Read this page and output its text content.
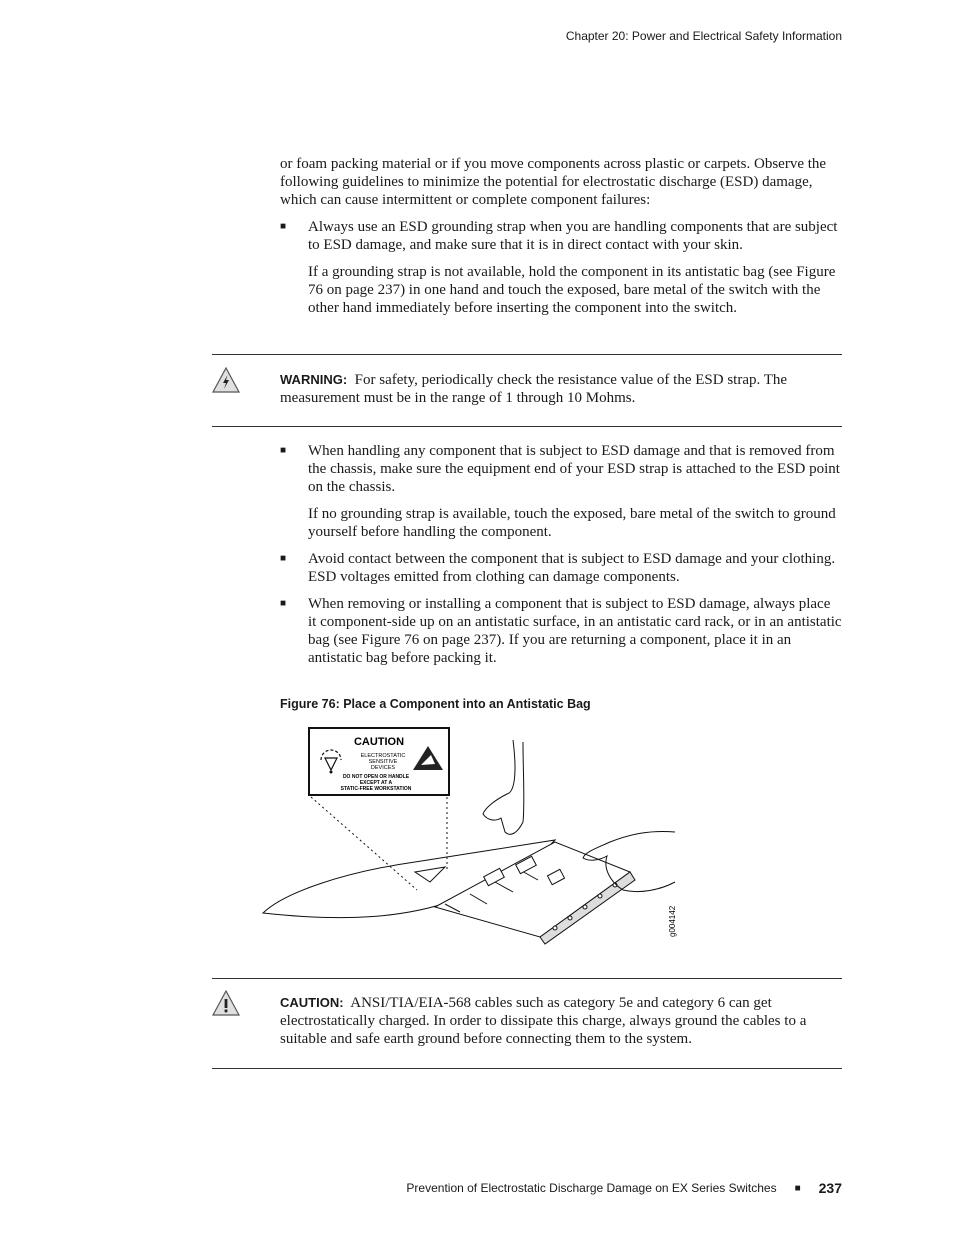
Chapter 20: Power and Electrical Safety Information

or foam packing material or if you move components across plastic or carpets. Observe the following guidelines to minimize the potential for electrostatic discharge (ESD) damage, which can cause intermittent or complete component failures:

■ Always use an ESD grounding strap when you are handling components that are subject to ESD damage, and make sure that it is in direct contact with your skin.
If a grounding strap is not available, hold the component in its antistatic bag (see Figure 76 on page 237) in one hand and touch the exposed, bare metal of the switch with the other hand immediately before inserting the component into the switch.
WARNING: For safety, periodically check the resistance value of the ESD strap. The measurement must be in the range of 1 through 10 Mohms.
■ When handling any component that is subject to ESD damage and that is removed from the chassis, make sure the equipment end of your ESD strap is attached to the ESD point on the chassis.
If no grounding strap is available, touch the exposed, bare metal of the switch to ground yourself before handling the component.
■ Avoid contact between the component that is subject to ESD damage and your clothing. ESD voltages emitted from clothing can damage components.
■ When removing or installing a component that is subject to ESD damage, always place it component-side up on an antistatic surface, in an antistatic card rack, or in an antistatic bag (see Figure 76 on page 237). If you are returning a component, place it in an antistatic bag before packing it.
Figure 76: Place a Component into an Antistatic Bag
CAUTION
ELECTROSTATIC
SENSITIVE
DEVICES
DO NOT OPEN OR HANDLE
EXCEPT AT A
STATIC-FREE WORKSTATION
g004142
CAUTION: ANSI/TIA/EIA-568 cables such as category 5e and category 6 can get electrostatically charged. In order to dissipate this charge, always ground the cables to a suitable and safe earth ground before connecting them to the system.
Prevention of Electrostatic Discharge Damage on EX Series Switches ■ 237
